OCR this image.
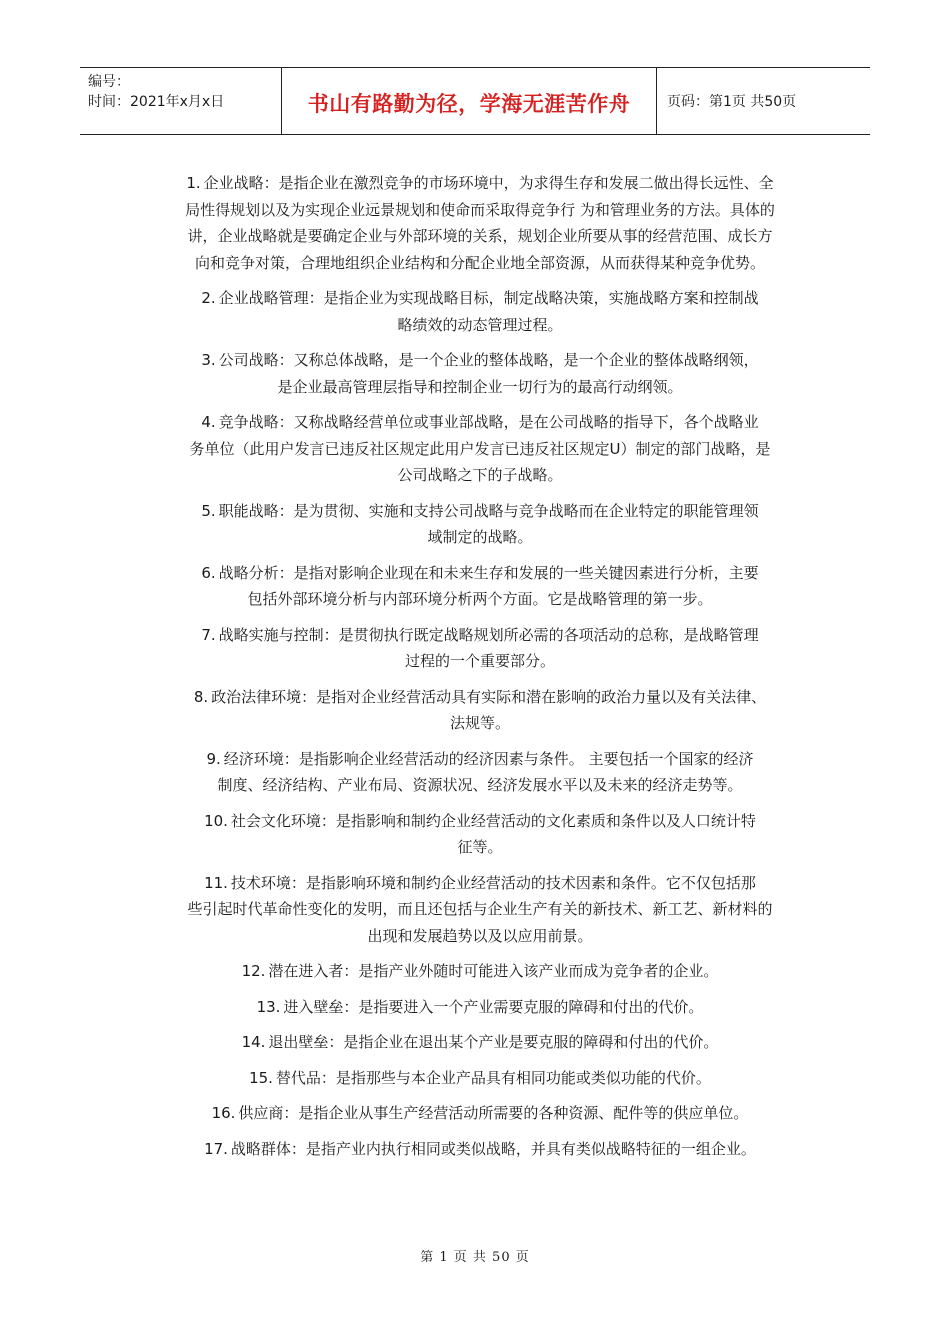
编号：
时间：2021年x月x日	书山有路勤为径，学海无涯苦作舟	页码：第1页 共50页

1. 企业战略：是指企业在激烈竞争的市场环境中，为求得生存和发展二做出得长远性、全

局性得规划以及为实现企业远景规划和使命而采取得竞争行 为和管理业务的方法。具体的

讲，企业战略就是要确定企业与外部环境的关系，规划企业所要从事的经营范围、成长方

向和竞争对策，合理地组织企业结构和分配企业地全部资源，从而获得某种竞争优势。

2. 企业战略管理：是指企业为实现战略目标，制定战略决策，实施战略方案和控制战

略绩效的动态管理过程。

3. 公司战略：又称总体战略，是一个企业的整体战略，是一个企业的整体战略纲领，

是企业最高管理层指导和控制企业一切行为的最高行动纲领。

4. 竞争战略：又称战略经营单位或事业部战略，是在公司战略的指导下，各个战略业

务单位（此用户发言已违反社区规定此用户发言已违反社区规定U）制定的部门战略，是

公司战略之下的子战略。

5. 职能战略：是为贯彻、实施和支持公司战略与竞争战略而在企业特定的职能管理领

域制定的战略。

6. 战略分析：是指对影响企业现在和未来生存和发展的一些关键因素进行分析，主要

包括外部环境分析与内部环境分析两个方面。它是战略管理的第一步。

7. 战略实施与控制：是贯彻执行既定战略规划所必需的各项活动的总称，是战略管理

过程的一个重要部分。

8. 政治法律环境：是指对企业经营活动具有实际和潜在影响的政治力量以及有关法律、

法规等。

9. 经济环境：是指影响企业经营活动的经济因素与条件。 主要包括一个国家的经济

制度、经济结构、产业布局、资源状况、经济发展水平以及未来的经济走势等。

10. 社会文化环境：是指影响和制约企业经营活动的文化素质和条件以及人口统计特

征等。

11. 技术环境：是指影响环境和制约企业经营活动的技术因素和条件。它不仅包括那

些引起时代革命性变化的发明，而且还包括与企业生产有关的新技术、新工艺、新材料的

出现和发展趋势以及以应用前景。

12. 潜在进入者：是指产业外随时可能进入该产业而成为竞争者的企业。

13. 进入壁垒：是指要进入一个产业需要克服的障碍和付出的代价。

14. 退出壁垒：是指企业在退出某个产业是要克服的障碍和付出的代价。

15. 替代品：是指那些与本企业产品具有相同功能或类似功能的代价。

16. 供应商：是指企业从事生产经营活动所需要的各种资源、配件等的供应单位。

17. 战略群体：是指产业内执行相同或类似战略，并具有类似战略特征的一组企业。

第 1 页 共 50 页
